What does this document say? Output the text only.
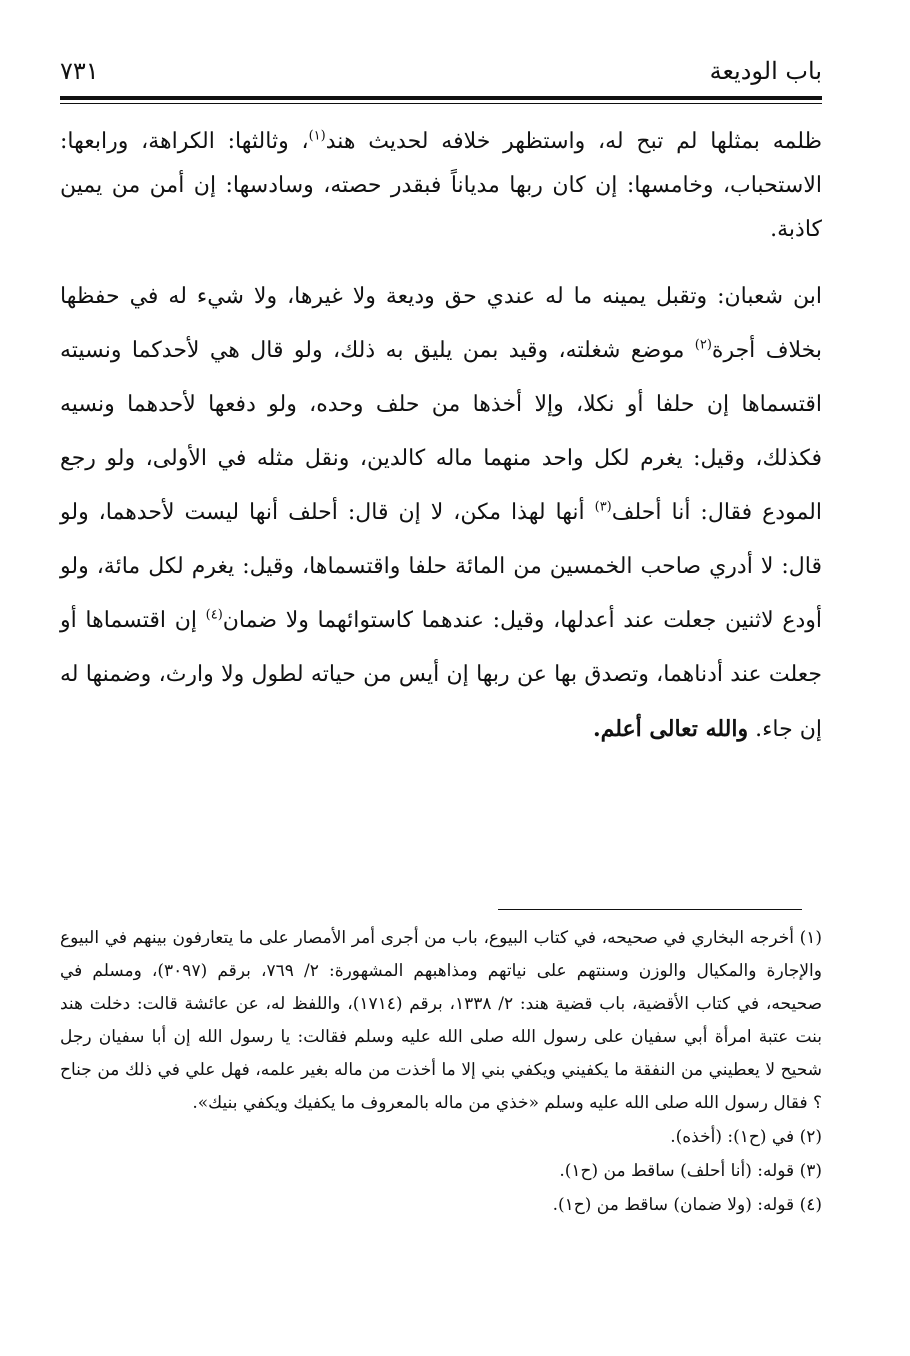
٧٣١	باب الوديعة

ظلمه بمثلها لم تبح له، واستظهر خلافه لحديث هند$^{(١)}$، وثالثها: الكراهة، ورابعها: الاستحباب، وخامسها: إن كان ربها مدياناً فبقدر حصته، وسادسها: إن أمن من يمين كاذبة.

ابن شعبان: وتقبل يمينه ما له عندي حق وديعة ولا غيرها، ولا شيء له في حفظها بخلاف أجرة$^{(٢)}$ موضع شغلته، وقيد بمن يليق به ذلك، ولو قال هي لأحدكما ونسيته اقتسماها إن حلفا أو نكلا، وإلا أخذها من حلف وحده، ولو دفعها لأحدهما ونسيه فكذلك، وقيل: يغرم لكل واحد منهما ماله كالدين، ونقل مثله في الأولى، ولو رجع المودع فقال: أنا أحلف$^{(٣)}$ أنها لهذا مكن، لا إن قال: أحلف أنها ليست لأحدهما، ولو قال: لا أدري صاحب الخمسين من المائة حلفا واقتسماها، وقيل: يغرم لكل مائة، ولو أودع لاثنين جعلت عند أعدلها، وقيل: عندهما كاستوائهما ولا ضمان$^{(٤)}$ إن اقتسماها أو جعلت عند أدناهما، وتصدق بها عن ربها إن أيس من حياته لطول ولا وارث، وضمنها له إن جاء. والله تعالى أعلم.

(١) أخرجه البخاري في صحيحه، في كتاب البيوع، باب من أجرى أمر الأمصار على ما يتعارفون بينهم في البيوع والإجارة والمكيال والوزن وسنتهم على نياتهم ومذاهبهم المشهورة: ٢/ ٧٦٩، برقم (٣٠٩٧)، ومسلم في صحيحه، في كتاب الأقضية، باب قضية هند: ٢/ ١٣٣٨، برقم (١٧١٤)، واللفظ له، عن عائشة قالت: دخلت هند بنت عتبة امرأة أبي سفيان على رسول الله صلى الله عليه وسلم فقالت: يا رسول الله إن أبا سفيان رجل شحيح لا يعطيني من النفقة ما يكفيني ويكفي بني إلا ما أخذت من ماله بغير علمه، فهل علي في ذلك من جناح ؟ فقال رسول الله صلى الله عليه وسلم «خذي من ماله بالمعروف ما يكفيك ويكفي بنيك».

(٢) في (ح١): (أخذه).

(٣) قوله: (أنا أحلف) ساقط من (ح١).

(٤) قوله: (ولا ضمان) ساقط من (ح١).
